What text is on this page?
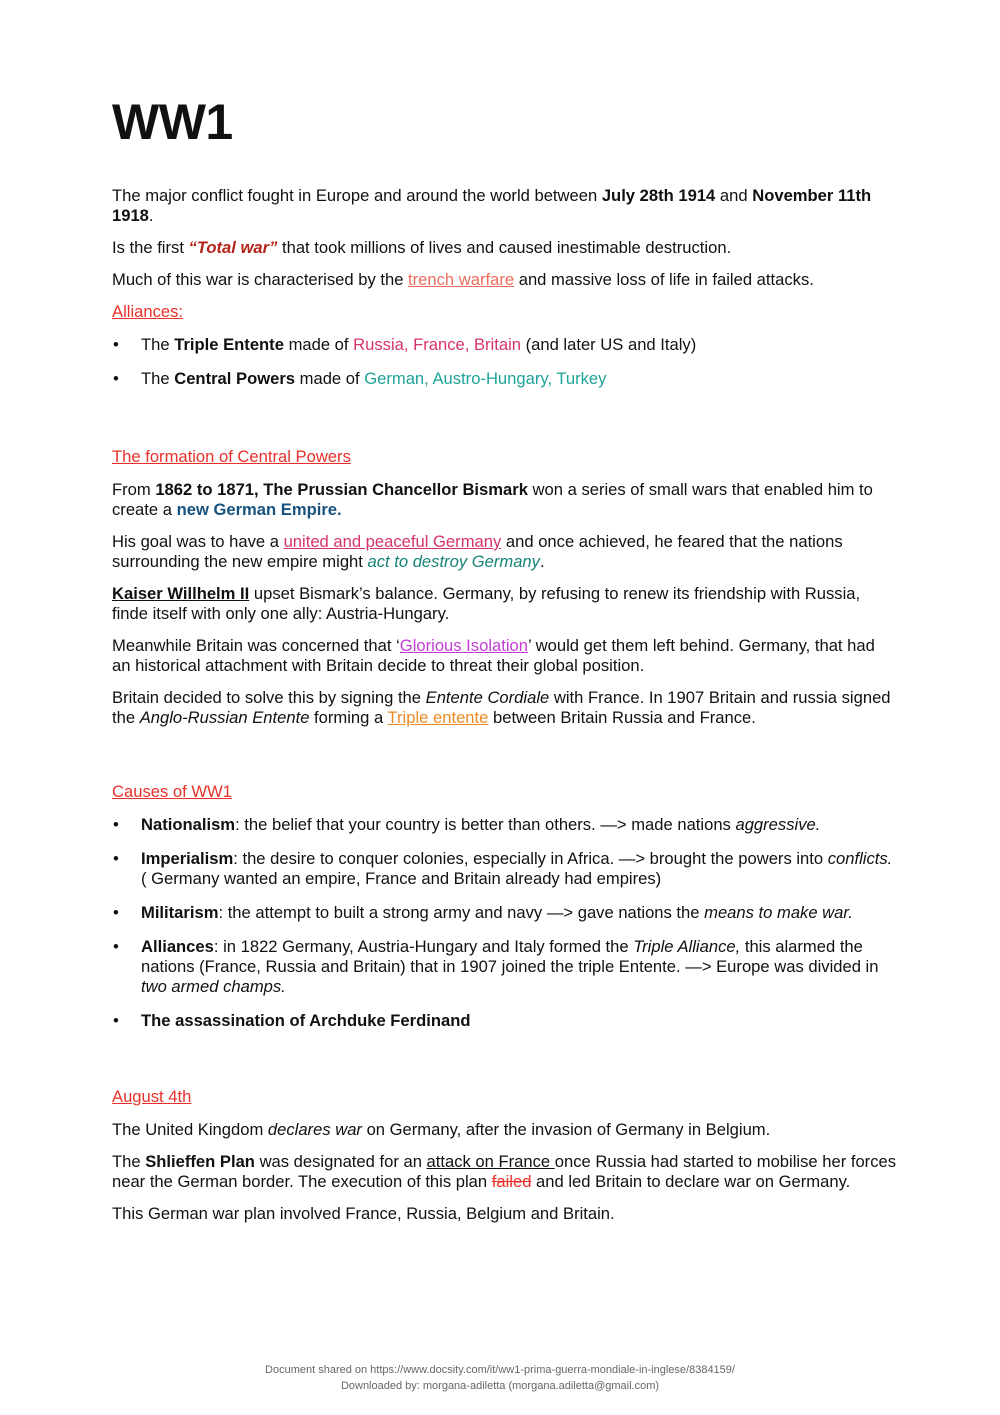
WW1

The major conflict fought in Europe and around the world between July 28th 1914 and November 11th 1918.

Is the first “Total war” that took millions of lives and caused inestimable destruction.

Much of this war is characterised by the trench warfare and massive loss of life in failed attacks.

Alliances:

• The Triple Entente made of Russia, France, Britain (and later US and Italy)
• The Central Powers made of German, Austro-Hungary, Turkey

The formation of Central Powers

From 1862 to 1871, The Prussian Chancellor Bismark won a series of small wars that enabled him to create a new German Empire.

His goal was to have a united and peaceful Germany and once achieved, he feared that the nations surrounding the new empire might act to destroy Germany.

Kaiser Willhelm II upset Bismark’s balance. Germany, by refusing to renew its friendship with Russia, finde itself with only one ally: Austria-Hungary.

Meanwhile Britain was concerned that ‘Glorious Isolation’ would get them left behind. Germany, that had an historical attachment with Britain decide to threat their global position.

Britain decided to solve this by signing the Entente Cordiale with France. In 1907 Britain and russia signed the Anglo-Russian Entente forming a Triple entente between Britain Russia and France.

Causes of WW1

• Nationalism: the belief that your country is better than others. —> made nations aggressive.
• Imperialism: the desire to conquer colonies, especially in Africa. —> brought the powers into conflicts. ( Germany wanted an empire, France and Britain already had empires)
• Militarism: the attempt to built a strong army and navy —> gave nations the means to make war.
• Alliances: in 1822 Germany, Austria-Hungary and Italy formed the Triple Alliance, this alarmed the nations (France, Russia and Britain) that in 1907 joined the triple Entente. —> Europe was divided in two armed champs.
• The assassination of Archduke Ferdinand

August 4th

The United Kingdom declares war on Germany, after the invasion of Germany in Belgium.

The Shlieffen Plan was designated for an attack on France once Russia had started to mobilise her forces near the German border. The execution of this plan failed and led Britain to declare war on Germany.

This German war plan involved France, Russia, Belgium and Britain.

Document shared on https://www.docsity.com/it/ww1-prima-guerra-mondiale-in-inglese/8384159/
Downloaded by: morgana-adiletta (morgana.adiletta@gmail.com)
